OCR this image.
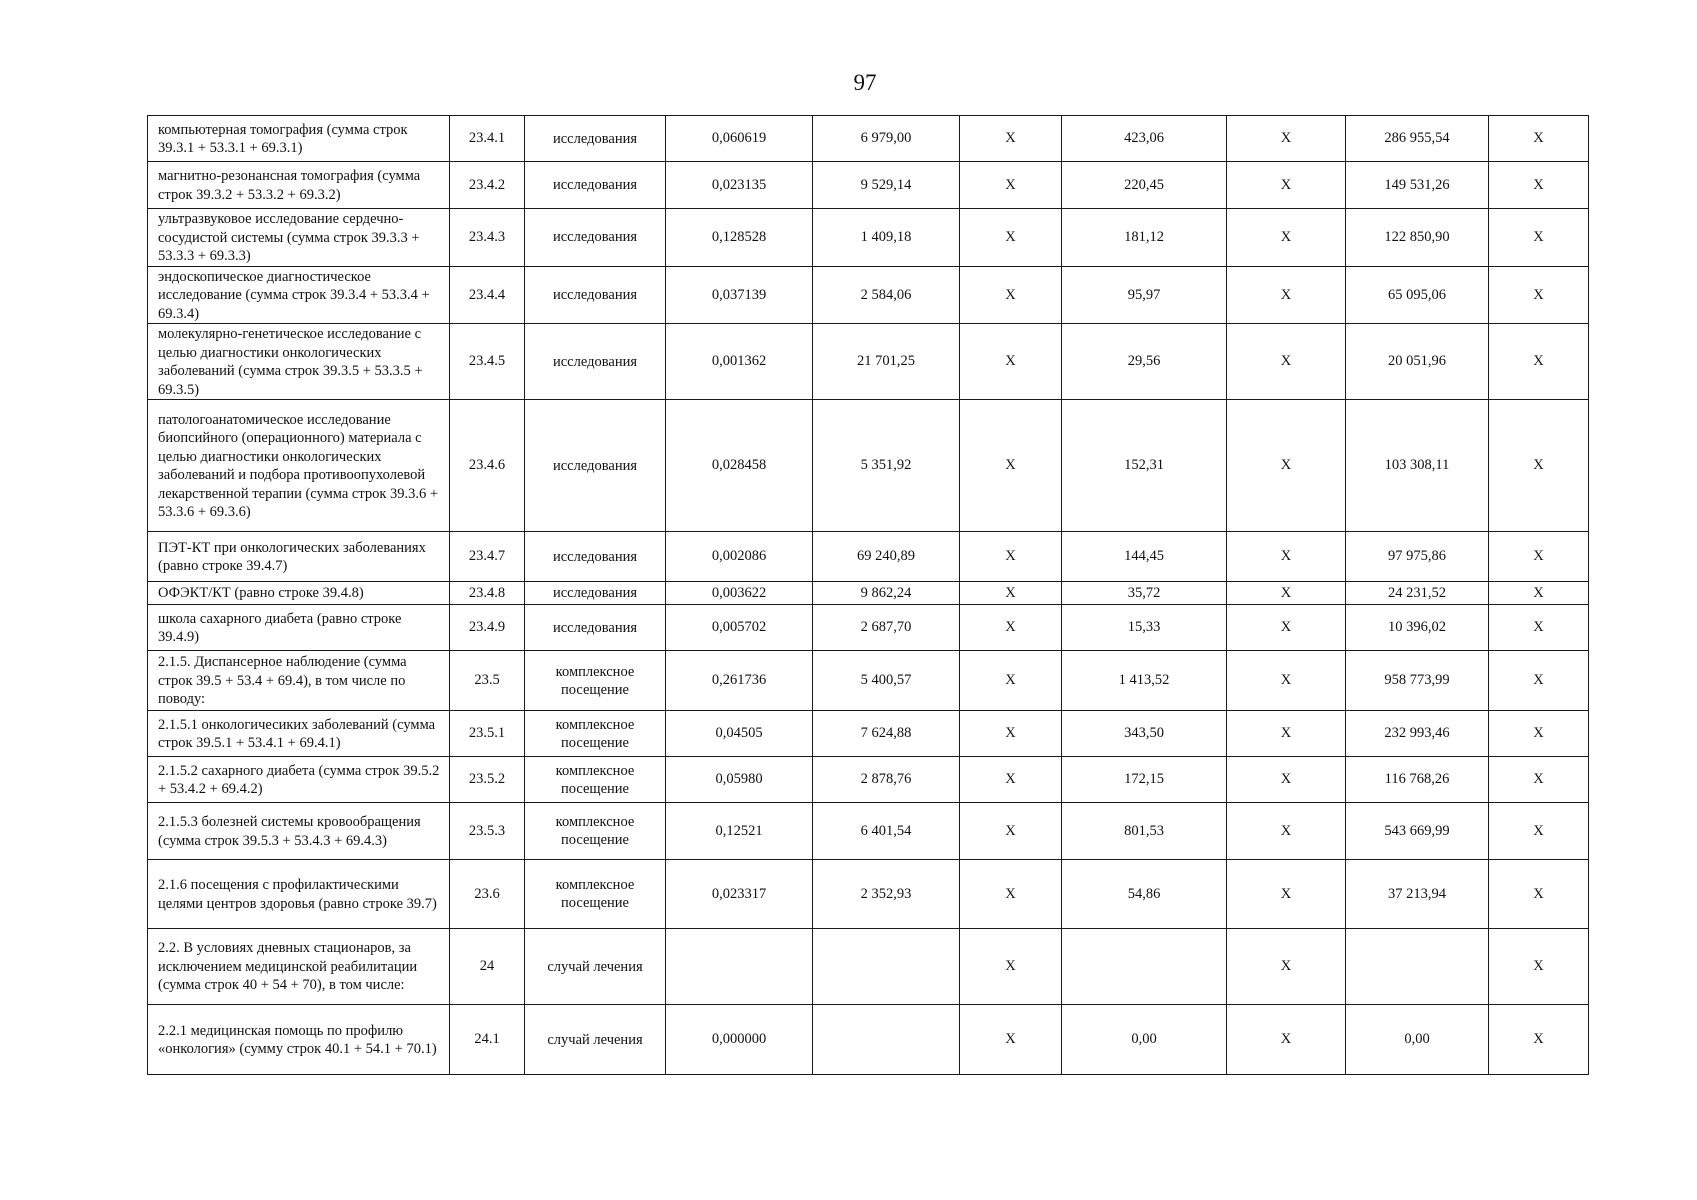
97
компьютерная томография (сумма строк 39.3.1 + 53.3.1 + 69.3.1)	23.4.1	исследования	0,060619	6 979,00	X	423,06	X	286 955,54	X
магнитно-резонансная томография (сумма строк 39.3.2 + 53.3.2 + 69.3.2)	23.4.2	исследования	0,023135	9 529,14	X	220,45	X	149 531,26	X
ультразвуковое исследование сердечно-сосудистой системы (сумма строк 39.3.3 + 53.3.3 + 69.3.3)	23.4.3	исследования	0,128528	1 409,18	X	181,12	X	122 850,90	X
эндоскопическое диагностическое исследование (сумма строк 39.3.4 + 53.3.4 + 69.3.4)	23.4.4	исследования	0,037139	2 584,06	X	95,97	X	65 095,06	X
молекулярно-генетическое исследование с целью диагностики онкологических заболеваний (сумма строк 39.3.5 + 53.3.5 + 69.3.5)	23.4.5	исследования	0,001362	21 701,25	X	29,56	X	20 051,96	X
патологоанатомическое исследование биопсийного (операционного) материала с целью диагностики онкологических заболеваний и подбора противоопухолевой лекарственной терапии (сумма строк 39.3.6 + 53.3.6 + 69.3.6)	23.4.6	исследования	0,028458	5 351,92	X	152,31	X	103 308,11	X
ПЭТ-КТ при онкологических заболеваниях (равно строке 39.4.7)	23.4.7	исследования	0,002086	69 240,89	X	144,45	X	97 975,86	X
ОФЭКТ/КТ (равно строке 39.4.8)	23.4.8	исследования	0,003622	9 862,24	X	35,72	X	24 231,52	X
школа сахарного диабета (равно строке 39.4.9)	23.4.9	исследования	0,005702	2 687,70	X	15,33	X	10 396,02	X
2.1.5. Диспансерное наблюдение (сумма строк 39.5 + 53.4 + 69.4), в том числе по поводу:	23.5	комплексное посещение	0,261736	5 400,57	X	1 413,52	X	958 773,99	X
2.1.5.1 онкологичесиких заболеваний (сумма строк 39.5.1 + 53.4.1 + 69.4.1)	23.5.1	комплексное посещение	0,04505	7 624,88	X	343,50	X	232 993,46	X
2.1.5.2 сахарного диабета (сумма строк 39.5.2 + 53.4.2 + 69.4.2)	23.5.2	комплексное посещение	0,05980	2 878,76	X	172,15	X	116 768,26	X
2.1.5.3 болезней системы кровообращения (сумма строк 39.5.3 + 53.4.3 + 69.4.3)	23.5.3	комплексное посещение	0,12521	6 401,54	X	801,53	X	543 669,99	X
2.1.6 посещения с профилактическими целями центров здоровья (равно строке 39.7)	23.6	комплексное посещение	0,023317	2 352,93	X	54,86	X	37 213,94	X
2.2. В условиях дневных стационаров, за исключением медицинской реабилитации (сумма строк 40 + 54 + 70), в том числе:	24	случай лечения			X		X		X
2.2.1 медицинская помощь по профилю «онкология» (сумму строк 40.1 + 54.1 + 70.1)	24.1	случай лечения	0,000000		X	0,00	X	0,00	X
